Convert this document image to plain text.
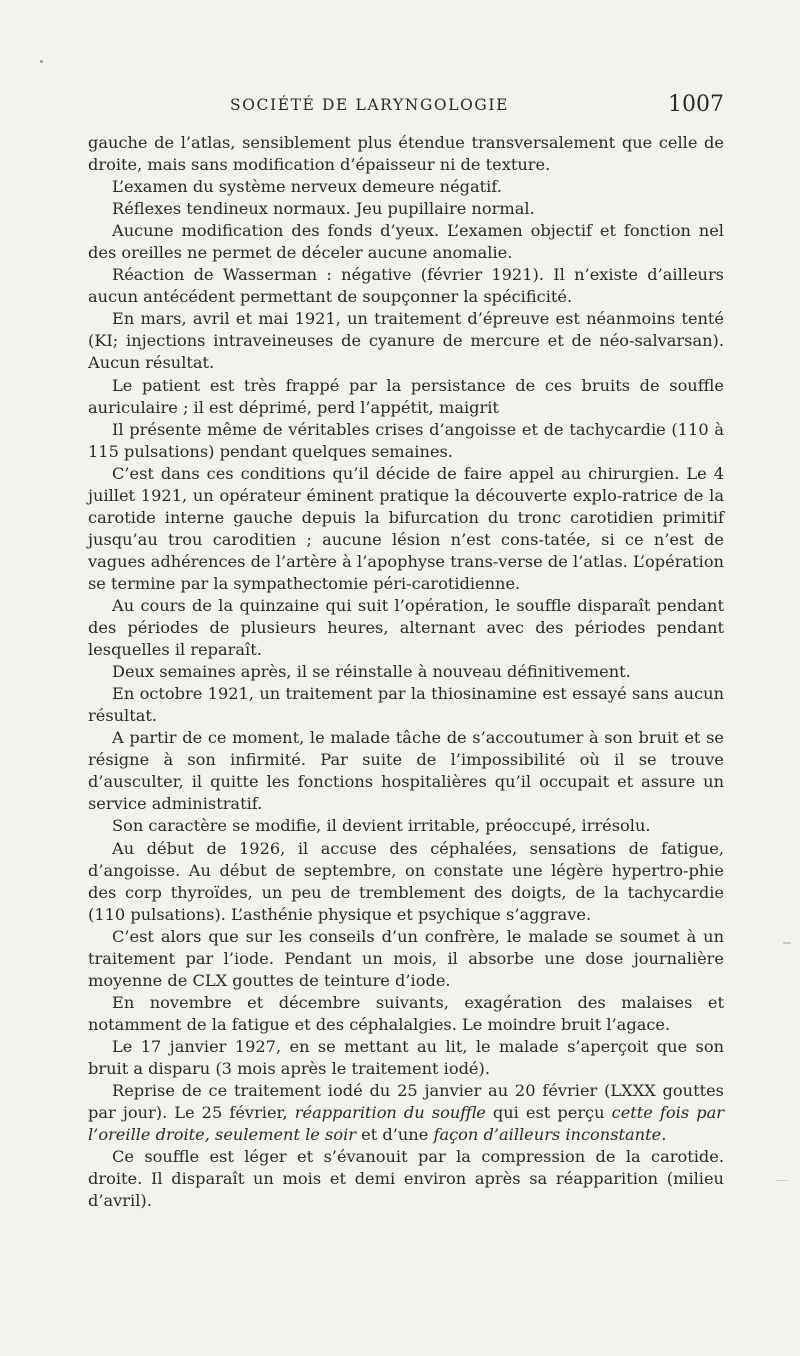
SOCIÉTÉ DE LARYNGOLOGIE	1007

gauche de l’atlas, sensiblement plus étendue transversalement que celle de droite, mais sans modification d’épaisseur ni de texture.

L’examen du système nerveux demeure négatif.

Réflexes tendineux normaux. Jeu pupillaire normal.

Aucune modification des fonds d’yeux. L’examen objectif et fonction nel des oreilles ne permet de déceler aucune anomalie.

Réaction de Wasserman : négative (février 1921). Il n’existe d’ailleurs aucun antécédent permettant de soupçonner la spécificité.

En mars, avril et mai 1921, un traitement d’épreuve est néanmoins tenté (KI; injections intraveineuses de cyanure de mercure et de néo-salvarsan). Aucun résultat.

Le patient est très frappé par la persistance de ces bruits de souffle auriculaire ; il est déprimé, perd l’appétit, maigrit

Il présente même de véritables crises d’angoisse et de tachycardie (110 à 115 pulsations) pendant quelques semaines.

C’est dans ces conditions qu’il décide de faire appel au chirurgien. Le 4 juillet 1921, un opérateur éminent pratique la découverte explo-ratrice de la carotide interne gauche depuis la bifurcation du tronc carotidien primitif jusqu’au trou caroditien ; aucune lésion n’est cons-tatée, si ce n’est de vagues adhérences de l’artère à l’apophyse trans-verse de l’atlas. L’opération se termine par la sympathectomie péri-carotidienne.

Au cours de la quinzaine qui suit l’opération, le souffle disparaît pendant des périodes de plusieurs heures, alternant avec des périodes pendant lesquelles il reparaît.

Deux semaines après, il se réinstalle à nouveau définitivement.

En octobre 1921, un traitement par la thiosinamine est essayé sans aucun résultat.

A partir de ce moment, le malade tâche de s’accoutumer à son bruit et se résigne à son infirmité. Par suite de l’impossibilité où il se trouve d’ausculter, il quitte les fonctions hospitalières qu’il occupait et assure un service administratif.

Son caractère se modifie, il devient irritable, préoccupé, irrésolu.

Au début de 1926, il accuse des céphalées, sensations de fatigue, d’angoisse. Au début de septembre, on constate une légère hypertro-phie des corp thyroïdes, un peu de tremblement des doigts, de la tachycardie (110 pulsations). L’asthénie physique et psychique s’aggrave.

C’est alors que sur les conseils d’un confrère, le malade se soumet à un traitement par l’iode. Pendant un mois, il absorbe une dose journalière moyenne de CLX gouttes de teinture d’iode.

En novembre et décembre suivants, exagération des malaises et notamment de la fatigue et des céphalalgies. Le moindre bruit l’agace.

Le 17 janvier 1927, en se mettant au lit, le malade s’aperçoit que son bruit a disparu (3 mois après le traitement iodé).

Reprise de ce traitement iodé du 25 janvier au 20 février (LXXX gouttes par jour). Le 25 février, réapparition du souffle qui est perçu cette fois par l’oreille droite, seulement le soir et d’une façon d’ailleurs inconstante.

Ce souffle est léger et s’évanouit par la compression de la carotide. droite. Il disparaît un mois et demi environ après sa réapparition (milieu d’avril).
